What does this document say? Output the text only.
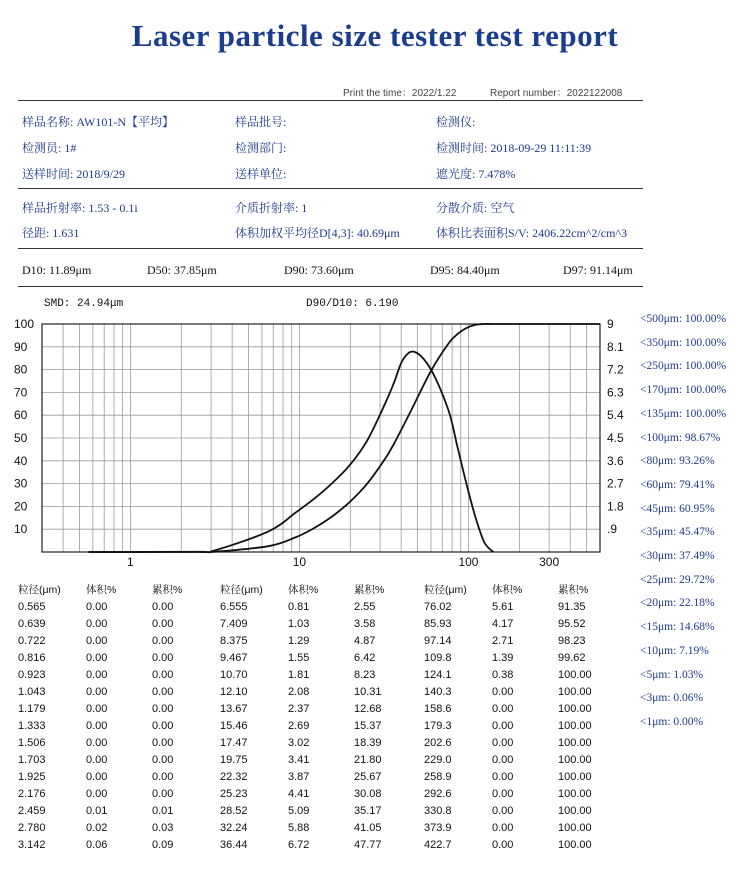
Laser particle size tester test report
Print the time：2022/1.22	Report number：2022122008
样品名称: AW101-N【平均】	样品批号:	检测仪:
检测员: 1#	检测部门:	检测时间: 2018-09-29 11:11:39
送样时间: 2018/9/29	送样单位:	遮光度: 7.478%
样品折射率: 1.53 - 0.1i	介质折射率: 1	分散介质: 空气
径距: 1.631	体积加权平均径D[4,3]: 40.69μm	体积比表面积S/V: 2406.22cm^2/cm^3
D10: 11.89μm	D50: 37.85μm	D90: 73.60μm	D95: 84.40μm	D97: 91.14μm
SMD: 24.94μm	D90/D10: 6.190
100
90
80
70
60
50
40
30
20
10
9
8.1
7.2
6.3
5.4
4.5
3.6
2.7
1.8
.9
1	10	100	300
<500μm: 100.00%
<350μm: 100.00%
<250μm: 100.00%
<170μm: 100.00%
<135μm: 100.00%
<100μm: 98.67%
<80μm: 93.26%
<60μm: 79.41%
<45μm: 60.95%
<35μm: 45.47%
<30μm: 37.49%
<25μm: 29.72%
<20μm: 22.18%
<15μm: 14.68%
<10μm: 7.19%
<5μm: 1.03%
<3μm: 0.06%
<1μm: 0.00%
粒径(μm)	体积%	累积%
0.565	0.00	0.00
0.639	0.00	0.00
0.722	0.00	0.00
0.816	0.00	0.00
0.923	0.00	0.00
1.043	0.00	0.00
1.179	0.00	0.00
1.333	0.00	0.00
1.506	0.00	0.00
1.703	0.00	0.00
1.925	0.00	0.00
2.176	0.00	0.00
2.459	0.01	0.01
2.780	0.02	0.03
3.142	0.06	0.09
粒径(μm)	体积%	累积%
6.555	0.81	2.55
7.409	1.03	3.58
8.375	1.29	4.87
9.467	1.55	6.42
10.70	1.81	8.23
12.10	2.08	10.31
13.67	2.37	12.68
15.46	2.69	15.37
17.47	3.02	18.39
19.75	3.41	21.80
22.32	3.87	25.67
25.23	4.41	30.08
28.52	5.09	35.17
32.24	5.88	41.05
36.44	6.72	47.77
粒径(μm)	体积%	累积%
76.02	5.61	91.35
85.93	4.17	95.52
97.14	2.71	98.23
109.8	1.39	99.62
124.1	0.38	100.00
140.3	0.00	100.00
158.6	0.00	100.00
179.3	0.00	100.00
202.6	0.00	100.00
229.0	0.00	100.00
258.9	0.00	100.00
292.6	0.00	100.00
330.8	0.00	100.00
373.9	0.00	100.00
422.7	0.00	100.00
